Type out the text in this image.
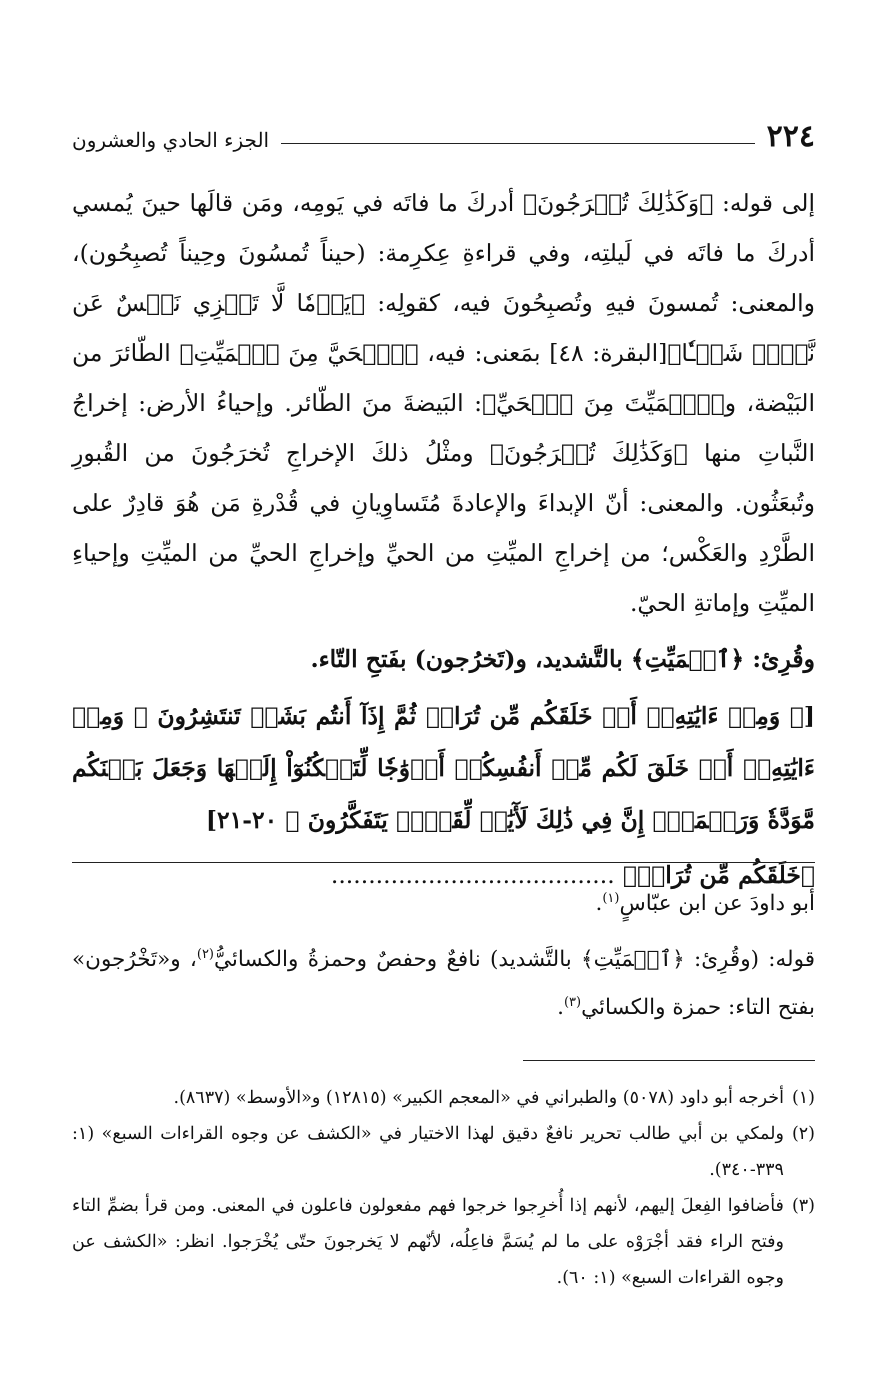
٢٢٤
الجزء الحادي والعشرون

إلى قوله: ﴿وَكَذَٰلِكَ تُخۡرَجُونَ﴾ أدركَ ما فاتَه في يَومِه، ومَن قالَها حينَ يُمسي أدركَ ما فاتَه في لَيلتِه، وفي قراءةِ عِكرِمة: (حيناً تُمسُونَ وحِيناً تُصبِحُون)، والمعنى: تُمسونَ فيهِ وتُصبِحُونَ فيه، كقولِه: ﴿يَوۡمٗا لَّا تَجۡزِي نَفۡسٌ عَن نَّفۡسٖ شَيۡـٔٗا﴾[البقرة: ٤٨] بمَعنى: فيه، ﴿ٱلۡحَيَّ مِنَ ٱلۡمَيِّتِ﴾ الطّائرَ من البَيْضة، و﴿ٱلۡمَيِّتَ مِنَ ٱلۡحَيِّ﴾: البَيضةَ منَ الطّائر. وإحياءُ الأرض: إخراجُ النَّباتِ منها ﴿وَكَذَٰلِكَ تُخۡرَجُونَ﴾ ومثْلُ ذلكَ الإخراجِ تُخرَجُونَ من القُبورِ وتُبعَثُون. والمعنى: أنّ الإبداءَ والإعادةَ مُتَساوِيانِ في قُدْرةِ مَن هُوَ قادِرٌ على الطَّرْدِ والعَكْس؛ من إخراجِ الميِّتِ من الحيِّ وإخراجِ الحيِّ من الميِّتِ وإحياءِ الميِّتِ وإماتةِ الحيّ.

وقُرِئ: ﴿ٱلۡمَيِّتِ﴾ بالتَّشديد، و(تَخرُجون) بفَتحِ التّاء.

[﴿ وَمِنۡ ءَايَٰتِهِۦٓ أَنۡ خَلَقَكُم مِّن تُرَابٖ ثُمَّ إِذَآ أَنتُم بَشَرٞ تَنتَشِرُونَ ۞ وَمِنۡ ءَايَٰتِهِۦٓ أَنۡ خَلَقَ لَكُم مِّنۡ أَنفُسِكُمۡ أَزۡوَٰجٗا لِّتَسۡكُنُوٓاْ إِلَيۡهَا وَجَعَلَ بَيۡنَكُم مَّوَدَّةٗ وَرَحۡمَةًۚ إِنَّ فِي ذَٰلِكَ لَأٓيَٰتٖ لِّقَوۡمٖ يَتَفَكَّرُونَ ﴾ ٢٠-٢١]

﴿خَلَقَكُم مِّن تُرَابٖ﴾ ......................................

أبو داودَ عن ابن عبّاسٍ$^{(١)}$.

قوله: (وقُرِئ: ﴿ٱلۡمَيِّتِ﴾ بالتَّشديد) نافعٌ وحفصٌ وحمزةُ والكسائيُّ$^{(٢)}$، و«تَخْرُجون» بفتح التاء: حمزة والكسائي$^{(٣)}$.

(١)
أخرجه أبو داود (٥٠٧٨) والطبراني في «المعجم الكبير» (١٢٨١٥) و«الأوسط» (٨٦٣٧).

(٢)
ولمكي بن أبي طالب تحرير نافعٌ دقيق لهذا الاختيار في «الكشف عن وجوه القراءات السبع» (١: ٣٣٩-٣٤٠).

(٣)
فأضافوا الفِعلَ إليهم، لأنهم إذا أُخرِجوا خرجوا فهم مفعولون فاعلون في المعنى. ومن قرأ بضمِّ التاء وفتح الراء فقد أجْرَوْه على ما لم يُسَمَّ فاعِلُه، لأنّهم لا يَخرجونَ حتّى يُخْرَجوا. انظر: «الكشف عن وجوه القراءات السبع» (١: ٦٠).
